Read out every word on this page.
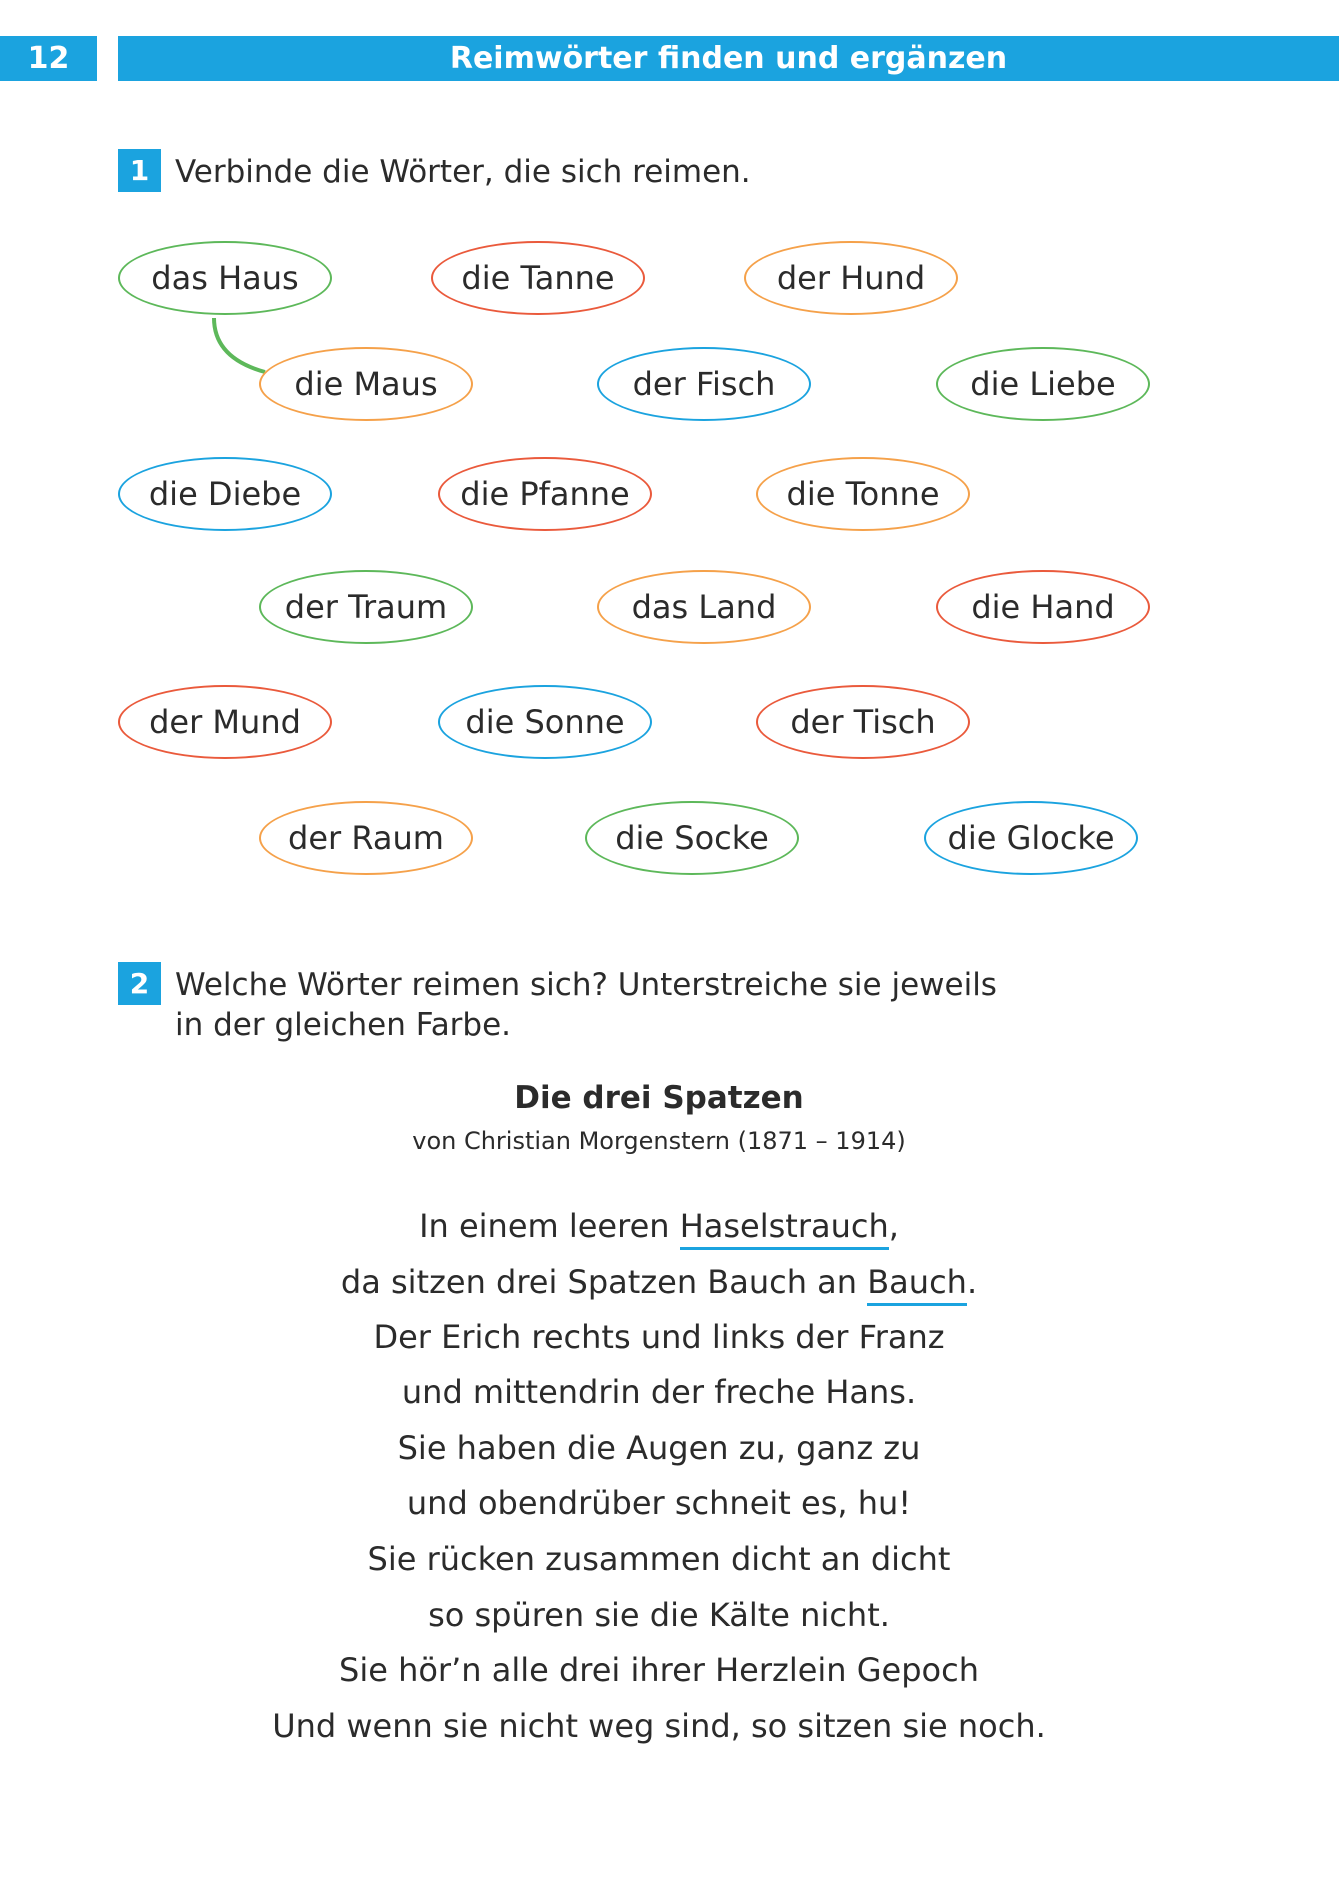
12	Reimwörter finden und ergänzen
1 Verbinde die Wörter, die sich reimen.
das Haus	die Tanne	der Hund
die Maus	der Fisch	die Liebe
die Diebe	die Pfanne	die Tonne
der Traum	das Land	die Hand
der Mund	die Sonne	der Tisch
der Raum	die Socke	die Glocke
2 Welche Wörter reimen sich? Unterstreiche sie jeweils
in der gleichen Farbe.
Die drei Spatzen
von Christian Morgenstern (1871 – 1914)
In einem leeren Haselstrauch,
da sitzen drei Spatzen Bauch an Bauch.
Der Erich rechts und links der Franz
und mittendrin der freche Hans.
Sie haben die Augen zu, ganz zu
und obendrüber schneit es, hu!
Sie rücken zusammen dicht an dicht
so spüren sie die Kälte nicht.
Sie hör’n alle drei ihrer Herzlein Gepoch
Und wenn sie nicht weg sind, so sitzen sie noch.
